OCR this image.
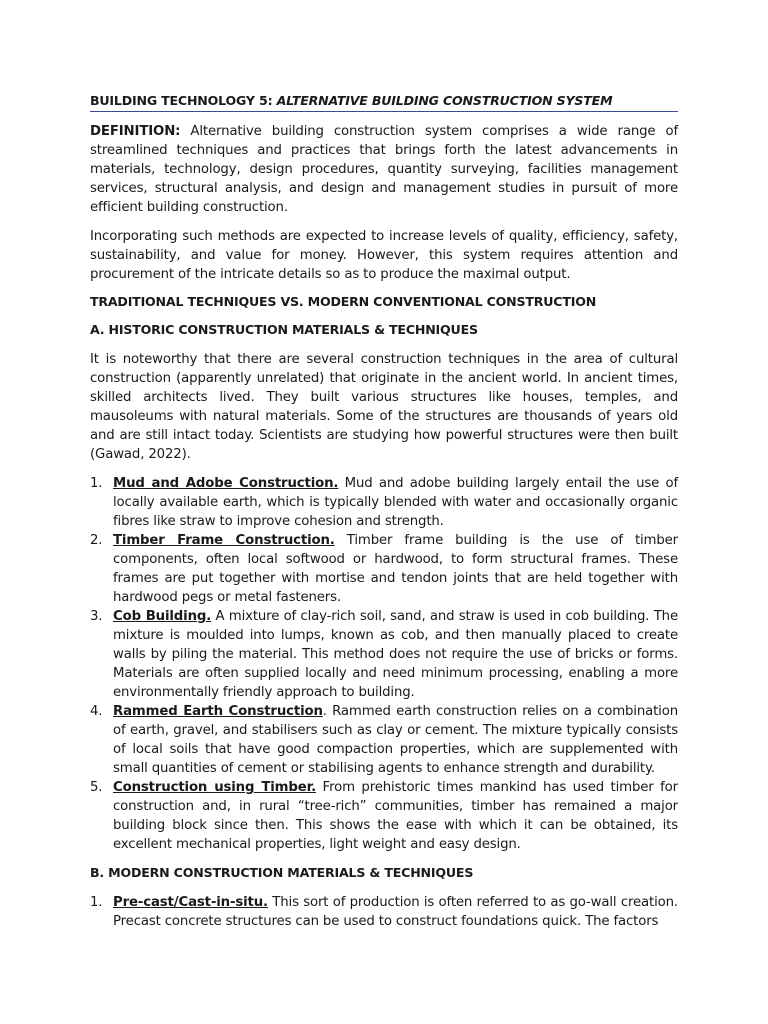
BUILDING TECHNOLOGY 5: ALTERNATIVE BUILDING CONSTRUCTION SYSTEM

DEFINITION: Alternative building construction system comprises a wide range of streamlined techniques and practices that brings forth the latest advancements in materials, technology, design procedures, quantity surveying, facilities management services, structural analysis, and design and management studies in pursuit of more efficient building construction.

Incorporating such methods are expected to increase levels of quality, efficiency, safety, sustainability, and value for money. However, this system requires attention and procurement of the intricate details so as to produce the maximal output.

TRADITIONAL TECHNIQUES VS. MODERN CONVENTIONAL CONSTRUCTION
A. HISTORIC CONSTRUCTION MATERIALS & TECHNIQUES

It is noteworthy that there are several construction techniques in the area of cultural construction (apparently unrelated) that originate in the ancient world. In ancient times, skilled architects lived. They built various structures like houses, temples, and mausoleums with natural materials. Some of the structures are thousands of years old and are still intact today. Scientists are studying how powerful structures were then built (Gawad, 2022).

1. Mud and Adobe Construction. Mud and adobe building largely entail the use of locally available earth, which is typically blended with water and occasionally organic fibres like straw to improve cohesion and strength.
2. Timber Frame Construction. Timber frame building is the use of timber components, often local softwood or hardwood, to form structural frames. These frames are put together with mortise and tendon joints that are held together with hardwood pegs or metal fasteners.
3. Cob Building. A mixture of clay-rich soil, sand, and straw is used in cob building. The mixture is moulded into lumps, known as cob, and then manually placed to create walls by piling the material. This method does not require the use of bricks or forms. Materials are often supplied locally and need minimum processing, enabling a more environmentally friendly approach to building.
4. Rammed Earth Construction. Rammed earth construction relies on a combination of earth, gravel, and stabilisers such as clay or cement. The mixture typically consists of local soils that have good compaction properties, which are supplemented with small quantities of cement or stabilising agents to enhance strength and durability.
5. Construction using Timber. From prehistoric times mankind has used timber for construction and, in rural “tree-rich” communities, timber has remained a major building block since then. This shows the ease with which it can be obtained, its excellent mechanical properties, light weight and easy design.
B. MODERN CONSTRUCTION MATERIALS & TECHNIQUES
1. Pre-cast/Cast-in-situ. This sort of production is often referred to as go-wall creation. Precast concrete structures can be used to construct foundations quick. The factors
